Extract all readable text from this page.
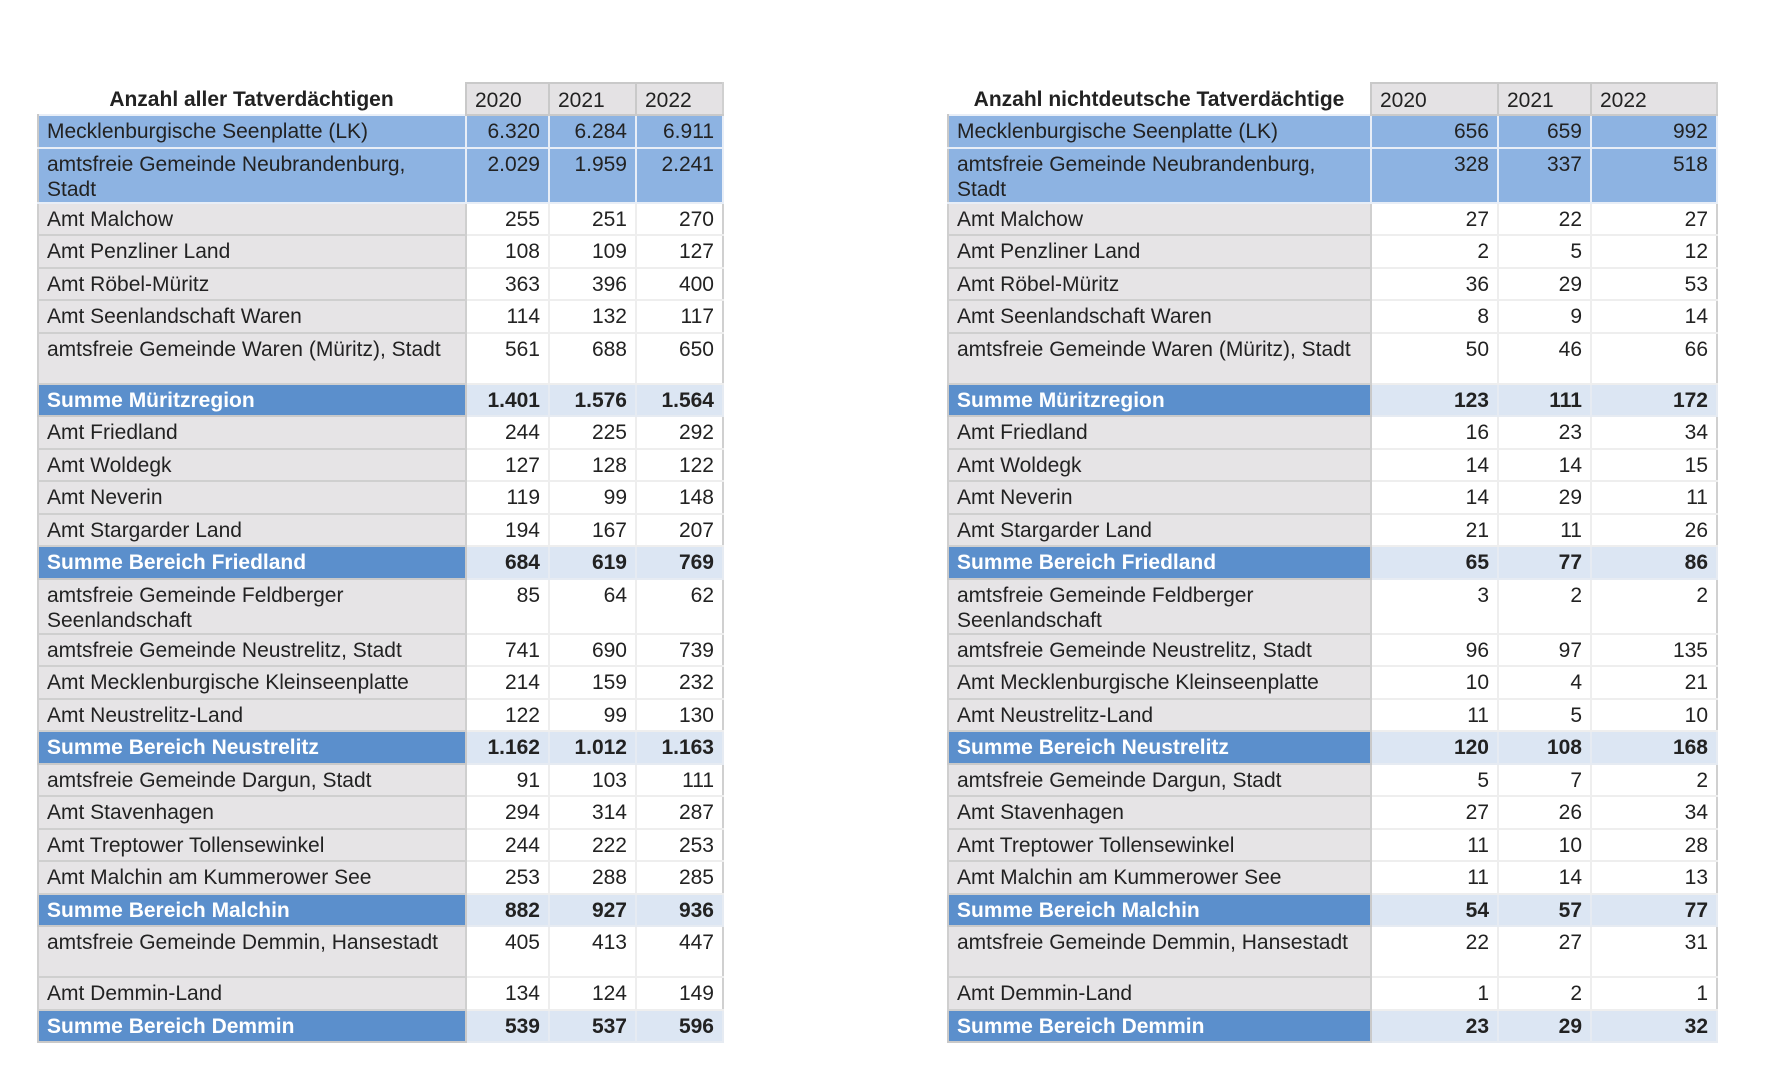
Anzahl aller Tatverdächtigen	2020	2021	2022
Mecklenburgische Seenplatte (LK)	6.320	6.284	6.911
amtsfreie Gemeinde Neubrandenburg, Stadt	2.029	1.959	2.241
Amt Malchow	255	251	270
Amt Penzliner Land	108	109	127
Amt Röbel-Müritz	363	396	400
Amt Seenlandschaft Waren	114	132	117
amtsfreie Gemeinde Waren (Müritz), Stadt	561	688	650
Summe Müritzregion	1.401	1.576	1.564
Amt Friedland	244	225	292
Amt Woldegk	127	128	122
Amt Neverin	119	99	148
Amt Stargarder Land	194	167	207
Summe Bereich Friedland	684	619	769
amtsfreie Gemeinde Feldberger Seenlandschaft	85	64	62
amtsfreie Gemeinde Neustrelitz, Stadt	741	690	739
Amt Mecklenburgische Kleinseenplatte	214	159	232
Amt Neustrelitz-Land	122	99	130
Summe Bereich Neustrelitz	1.162	1.012	1.163
amtsfreie Gemeinde Dargun, Stadt	91	103	111
Amt Stavenhagen	294	314	287
Amt Treptower Tollensewinkel	244	222	253
Amt Malchin am Kummerower See	253	288	285
Summe Bereich Malchin	882	927	936
amtsfreie Gemeinde Demmin, Hansestadt	405	413	447
Amt Demmin-Land	134	124	149
Summe Bereich Demmin	539	537	596
Anzahl nichtdeutsche Tatverdächtige	2020	2021	2022
Mecklenburgische Seenplatte (LK)	656	659	992
amtsfreie Gemeinde Neubrandenburg, Stadt	328	337	518
Amt Malchow	27	22	27
Amt Penzliner Land	2	5	12
Amt Röbel-Müritz	36	29	53
Amt Seenlandschaft Waren	8	9	14
amtsfreie Gemeinde Waren (Müritz), Stadt	50	46	66
Summe Müritzregion	123	111	172
Amt Friedland	16	23	34
Amt Woldegk	14	14	15
Amt Neverin	14	29	11
Amt Stargarder Land	21	11	26
Summe Bereich Friedland	65	77	86
amtsfreie Gemeinde Feldberger Seenlandschaft	3	2	2
amtsfreie Gemeinde Neustrelitz, Stadt	96	97	135
Amt Mecklenburgische Kleinseenplatte	10	4	21
Amt Neustrelitz-Land	11	5	10
Summe Bereich Neustrelitz	120	108	168
amtsfreie Gemeinde Dargun, Stadt	5	7	2
Amt Stavenhagen	27	26	34
Amt Treptower Tollensewinkel	11	10	28
Amt Malchin am Kummerower See	11	14	13
Summe Bereich Malchin	54	57	77
amtsfreie Gemeinde Demmin, Hansestadt	22	27	31
Amt Demmin-Land	1	2	1
Summe Bereich Demmin	23	29	32
